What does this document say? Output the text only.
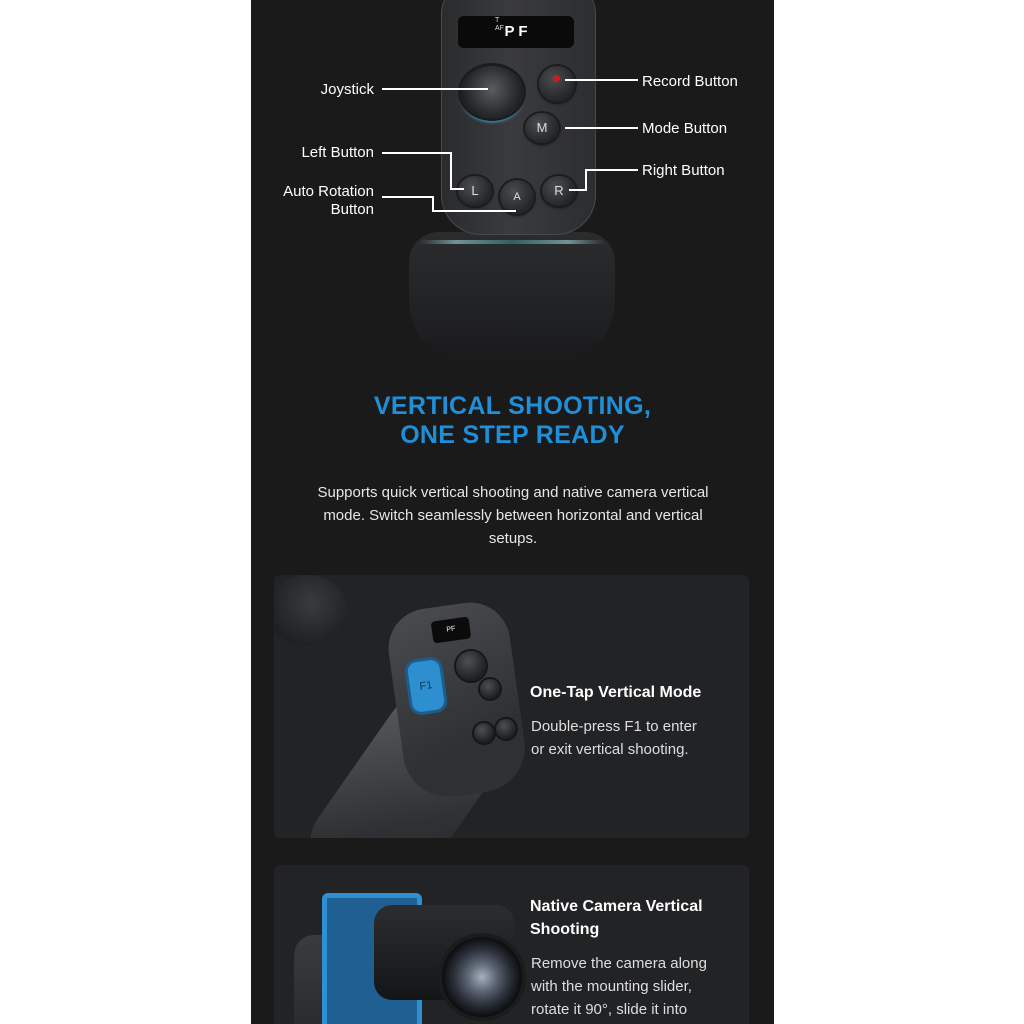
T
AF P F
M
L	A	R
Joystick	Record Button
Mode Button
Left Button
Right Button
Auto Rotation
Button
VERTICAL SHOOTING,
ONE STEP READY
Supports quick vertical shooting and native camera vertical mode. Switch seamlessly between horizontal and vertical setups.
PF
F1	One-Tap Vertical Mode
Double-press F1 to enter
or exit vertical shooting.
Native Camera Vertical
Shooting
Remove the camera along
with the mounting slider,
rotate it 90°, slide it into
